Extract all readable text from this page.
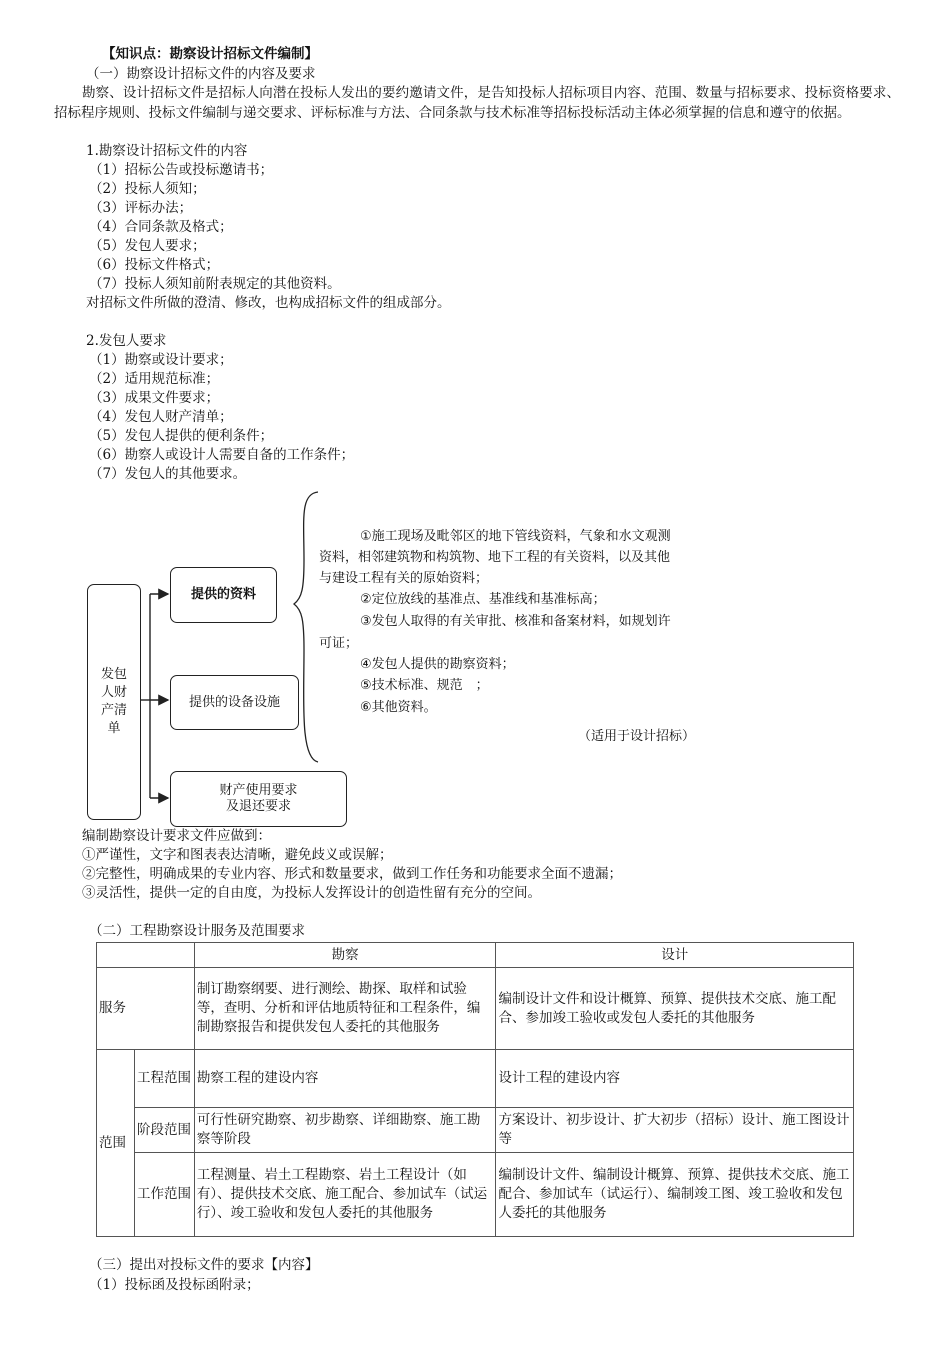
【知识点：勘察设计招标文件编制】
（一）勘察设计招标文件的内容及要求
勘察、设计招标文件是招标人向潜在投标人发出的要约邀请文件，是告知投标人招标项目内容、范围、数量与招标要求、投标资格要求、招标程序规则、投标文件编制与递交要求、评标标准与方法、合同条款与技术标准等招标投标活动主体必须掌握的信息和遵守的依据。
1.勘察设计招标文件的内容
（1）招标公告或投标邀请书；
（2）投标人须知；
（3）评标办法；
（4）合同条款及格式；
（5）发包人要求；
（6）投标文件格式；
（7）投标人须知前附表规定的其他资料。
对招标文件所做的澄清、修改，也构成招标文件的组成部分。
2.发包人要求
（1）勘察或设计要求；
（2）适用规范标准；
（3）成果文件要求；
（4）发包人财产清单；
（5）发包人提供的便利条件；
（6）勘察人或设计人需要自备的工作条件；
（7）发包人的其他要求。
发包人财产清单
提供的资料
提供的设备设施
财产使用要求及退还要求
①施工现场及毗邻区的地下管线资料，气象和水文观测
资料，相邻建筑物和构筑物、地下工程的有关资料，以及其他
与建设工程有关的原始资料；
②定位放线的基准点、基准线和基准标高；
③发包人取得的有关审批、核准和备案材料，如规划许
可证；
④发包人提供的勘察资料；
⑤技术标准、规范　；
⑥其他资料。
（适用于设计招标）
编制勘察设计要求文件应做到：
①严谨性，文字和图表表达清晰，避免歧义或误解；
②完整性，明确成果的专业内容、形式和数量要求，做到工作任务和功能要求全面不遗漏；
③灵活性，提供一定的自由度，为投标人发挥设计的创造性留有充分的空间。
（二）工程勘察设计服务及范围要求
		勘察	设计
服务		制订勘察纲要、进行测绘、勘探、取样和试验等，查明、分析和评估地质特征和工程条件，编制勘察报告和提供发包人委托的其他服务	编制设计文件和设计概算、预算、提供技术交底、施工配合、参加竣工验收或发包人委托的其他服务
范围	工程范围	勘察工程的建设内容	设计工程的建设内容
	阶段范围	可行性研究勘察、初步勘察、详细勘察、施工勘察等阶段	方案设计、初步设计、扩大初步（招标）设计、施工图设计等
	工作范围	工程测量、岩土工程勘察、岩土工程设计（如有）、提供技术交底、施工配合、参加试车（试运行）、竣工验收和发包人委托的其他服务	编制设计文件、编制设计概算、预算、提供技术交底、施工配合、参加试车（试运行）、编制竣工图、竣工验收和发包人委托的其他服务
（三）提出对投标文件的要求【内容】
（1）投标函及投标函附录；
